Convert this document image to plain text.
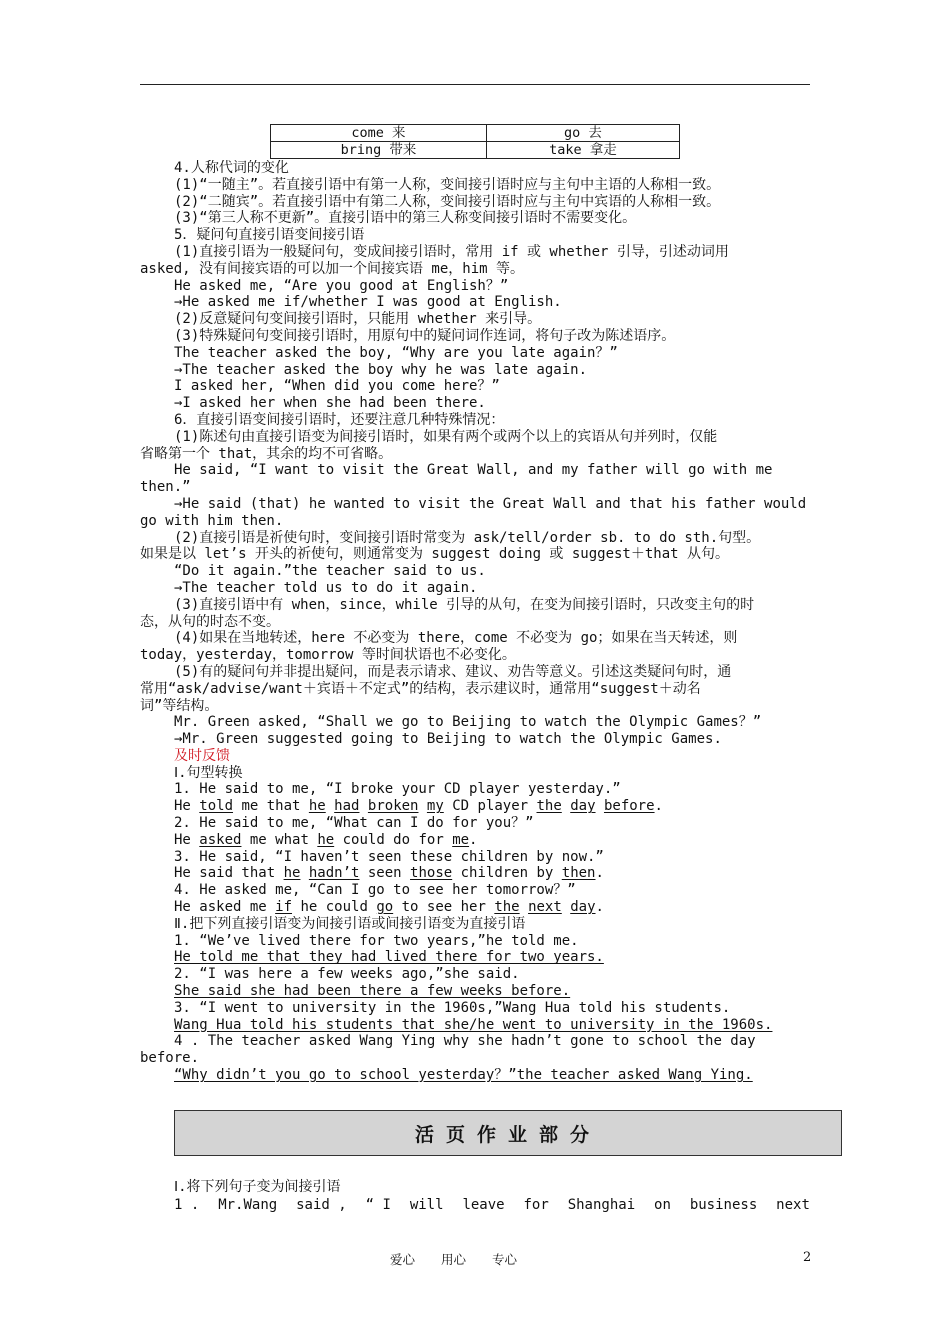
come 来	go 去
bring 带来	take 拿走

4.人称代词的变化

(1)“一随主”。若直接引语中有第一人称，变间接引语时应与主句中主语的人称相一致。

(2)“二随宾”。若直接引语中有第二人称，变间接引语时应与主句中宾语的人称相一致。

(3)“第三人称不更新”。直接引语中的第三人称变间接引语时不需要变化。

5．疑问句直接引语变间接引语

(1)直接引语为一般疑问句，变成间接引语时，常用 if 或 whether 引导，引述动词用

asked, 没有间接宾语的可以加一个间接宾语 me，him 等。

He asked me, “Are you good at English？”

→He asked me if/whether I was good at English.

(2)反意疑问句变间接引语时，只能用 whether 来引导。

(3)特殊疑问句变间接引语时，用原句中的疑问词作连词，将句子改为陈述语序。

The teacher asked the boy, “Why are you late again？”

→The teacher asked the boy why he was late again.

I asked her, “When did you come here？”

→I asked her when she had been there.

6．直接引语变间接引语时，还要注意几种特殊情况：

(1)陈述句由直接引语变为间接引语时，如果有两个或两个以上的宾语从句并列时，仅能

省略第一个 that，其余的均不可省略。

He said, “I want to visit the Great Wall, and my father will go with me

then.”

→He said (that) he wanted to visit the Great Wall and that his father would

go with him then.

(2)直接引语是祈使句时，变间接引语时常变为 ask/tell/order sb. to do sth.句型。

如果是以 let’s 开头的祈使句，则通常变为 suggest doing 或 suggest＋that 从句。

“Do it again.”the teacher said to us.

→The teacher told us to do it again.

(3)直接引语中有 when，since，while 引导的从句，在变为间接引语时，只改变主句的时

态，从句的时态不变。

(4)如果在当地转述，here 不必变为 there，come 不必变为 go；如果在当天转述，则

today，yesterday，tomorrow 等时间状语也不必变化。

(5)有的疑问句并非提出疑问，而是表示请求、建议、劝告等意义。引述这类疑问句时，通

常用“ask/advise/want＋宾语＋不定式”的结构，表示建议时，通常用“suggest＋动名

词”等结构。

Mr. Green asked, “Shall we go to Beijing to watch the Olympic Games？”

→Mr. Green suggested going to Beijing to watch the Olympic Games.

及时反馈

Ⅰ.句型转换

1. He said to me, “I broke your CD player yesterday.”

He told me that he had broken my CD player the day before.

2. He said to me, “What can I do for you？”

He asked me what he could do for me.

3. He said, “I haven’t seen these children by now.”

He said that he hadn’t seen those children by then.

4. He asked me, “Can I go to see her tomorrow？”

He asked me if he could go to see her the next day.

Ⅱ.把下列直接引语变为间接引语或间接引语变为直接引语

1. “We’ve lived there for two years,”he told me.

He told me that they had lived there for two years.

2. “I was here a few weeks ago,”she said.

She said she had been there a few weeks before.

3. “I went to university in the 1960s,”Wang Hua told his students.

Wang Hua told his students that she/he went to university in the 1960s.

4 . The teacher asked Wang Ying why she hadn’t gone to school the day

before.

“Why didn’t you go to school yesterday？”the teacher asked Wang Ying.

活页作业部分

Ⅰ.将下列句子变为间接引语

1 . Mr.Wang said , “ I will leave for Shanghai on business next
爱心 用心 专心	2
